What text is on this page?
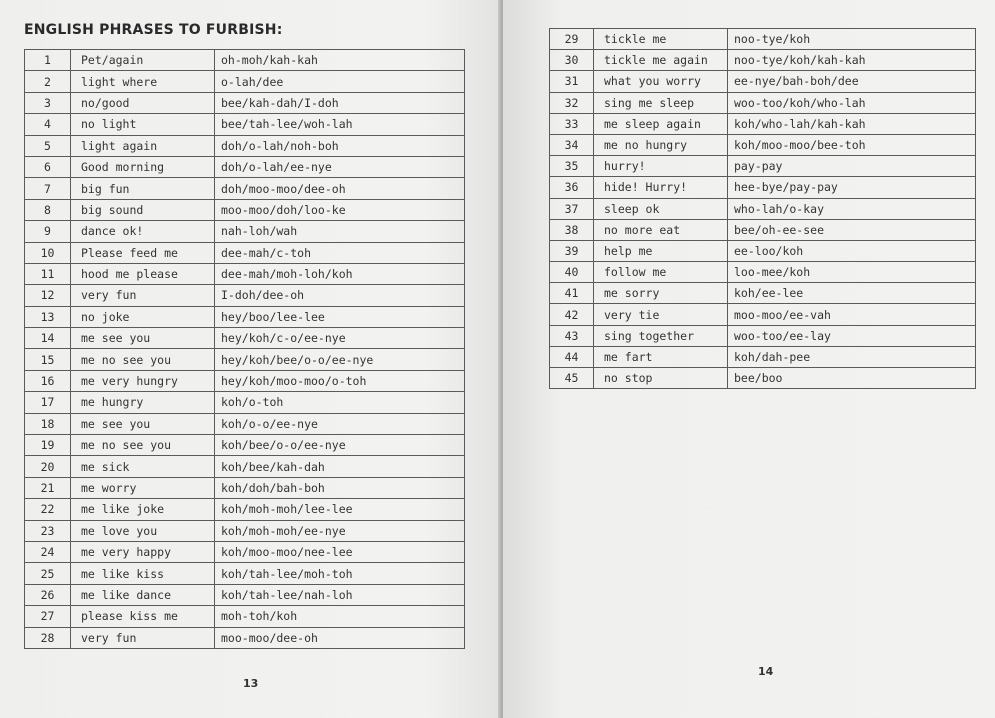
ENGLISH PHRASES TO FURBISH:
1	Pet/again	oh-moh/kah-kah
2	light where	o-lah/dee
3	no/good	bee/kah-dah/I-doh
4	no light	bee/tah-lee/woh-lah
5	light again	doh/o-lah/noh-boh
6	Good morning	doh/o-lah/ee-nye
7	big fun	doh/moo-moo/dee-oh
8	big sound	moo-moo/doh/loo-ke
9	dance ok!	nah-loh/wah
10	Please feed me	dee-mah/c-toh
11	hood me please	dee-mah/moh-loh/koh
12	very fun	I-doh/dee-oh
13	no joke	hey/boo/lee-lee
14	me see you	hey/koh/c-o/ee-nye
15	me no see you	hey/koh/bee/o-o/ee-nye
16	me very hungry	hey/koh/moo-moo/o-toh
17	me hungry	koh/o-toh
18	me see you	koh/o-o/ee-nye
19	me no see you	koh/bee/o-o/ee-nye
20	me sick	koh/bee/kah-dah
21	me worry	koh/doh/bah-boh
22	me like joke	koh/moh-moh/lee-lee
23	me love you	koh/moh-moh/ee-nye
24	me very happy	koh/moo-moo/nee-lee
25	me like kiss	koh/tah-lee/moh-toh
26	me like dance	koh/tah-lee/nah-loh
27	please kiss me	moh-toh/koh
28	very fun	moo-moo/dee-oh
13
29	tickle me	noo-tye/koh
30	tickle me again	noo-tye/koh/kah-kah
31	what you worry	ee-nye/bah-boh/dee
32	sing me sleep	woo-too/koh/who-lah
33	me sleep again	koh/who-lah/kah-kah
34	me no hungry	koh/moo-moo/bee-toh
35	hurry!	pay-pay
36	hide! Hurry!	hee-bye/pay-pay
37	sleep ok	who-lah/o-kay
38	no more eat	bee/oh-ee-see
39	help me	ee-loo/koh
40	follow me	loo-mee/koh
41	me sorry	koh/ee-lee
42	very tie	moo-moo/ee-vah
43	sing together	woo-too/ee-lay
44	me fart	koh/dah-pee
45	no stop	bee/boo
14
